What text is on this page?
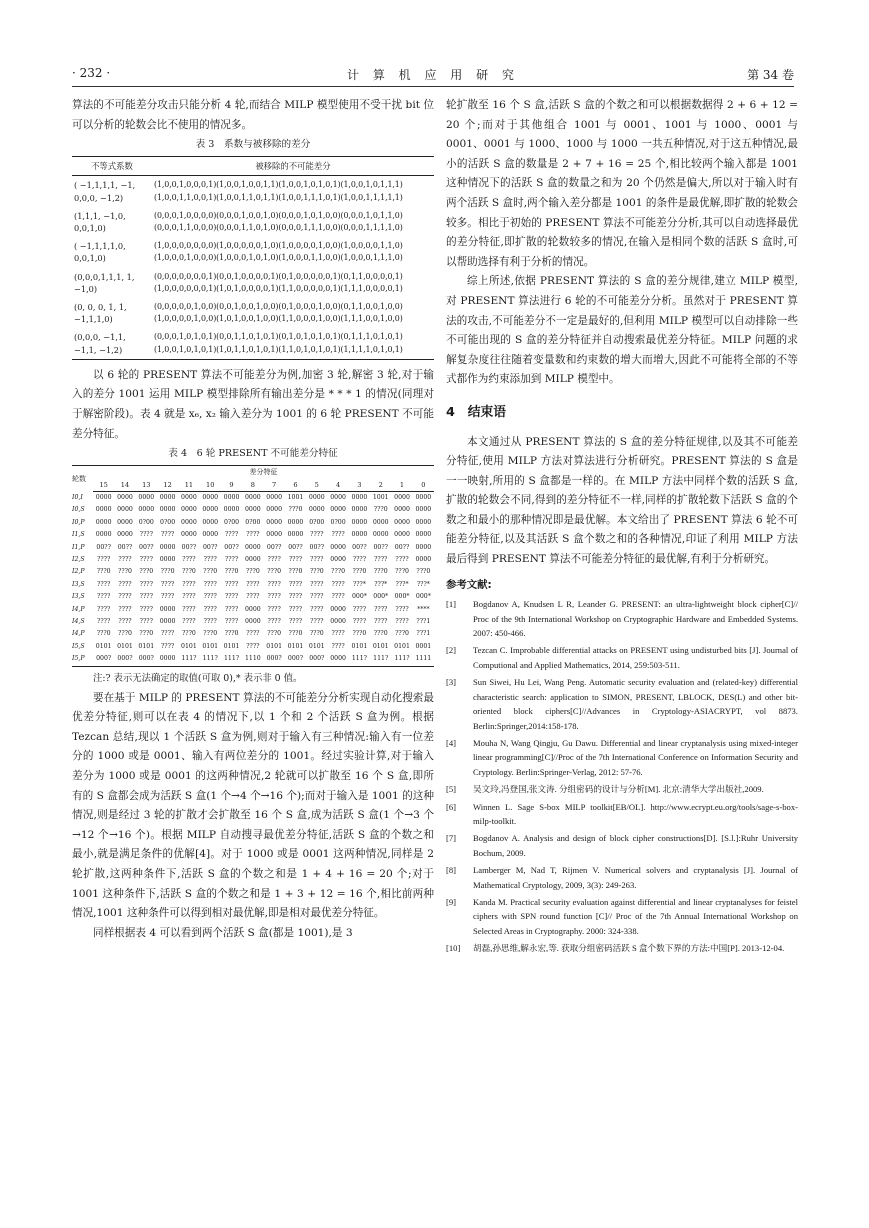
· 232 ·	计 算 机 应 用 研 究	第 34 卷

算法的不可能差分攻击只能分析 4 轮,而结合 MILP 模型使用不受干扰 bit 位可以分析的轮数会比不使用的情况多。

表 3　系数与被移除的差分
不等式系数	被移除的不可能差分
( −1,1,1,1, −1, 0,0,0, −1,2)	(1,0,0,1,0,0,0,1)(1,0,0,1,0,0,1,1)(1,0,0,1,0,1,0,1)(1,0,0,1,0,1,1,1)(1,0,0,1,1,0,0,1)(1,0,0,1,1,0,1,1)(1,0,0,1,1,1,0,1)(1,0,0,1,1,1,1,1)
(1,1,1, −1,0, 0,0,1,0)	(0,0,0,1,0,0,0,0)(0,0,0,1,0,0,1,0)(0,0,0,1,0,1,0,0)(0,0,0,1,0,1,1,0)(0,0,0,1,1,0,0,0)(0,0,0,1,1,0,1,0)(0,0,0,1,1,1,0,0)(0,0,0,1,1,1,1,0)
( −1,1,1,1,0, 0,0,1,0)	(1,0,0,0,0,0,0,0)(1,0,0,0,0,0,1,0)(1,0,0,0,0,1,0,0)(1,0,0,0,0,1,1,0)(1,0,0,0,1,0,0,0)(1,0,0,0,1,0,1,0)(1,0,0,0,1,1,0,0)(1,0,0,0,1,1,1,0)
(0,0,0,1,1,1, 1, −1,0)	(0,0,0,0,0,0,0,1)(0,0,1,0,0,0,0,1)(0,1,0,0,0,0,0,1)(0,1,1,0,0,0,0,1)(1,0,0,0,0,0,0,1)(1,0,1,0,0,0,0,1)(1,1,0,0,0,0,0,1)(1,1,1,0,0,0,0,1)
(0, 0, 0, 1, 1, −1,1,1,0)	(0,0,0,0,0,1,0,0)(0,0,1,0,0,1,0,0)(0,1,0,0,0,1,0,0)(0,1,1,0,0,1,0,0)(1,0,0,0,0,1,0,0)(1,0,1,0,0,1,0,0)(1,1,0,0,0,1,0,0)(1,1,1,0,0,1,0,0)
(0,0,0, −1,1, −1,1, −1,2)	(0,0,0,1,0,1,0,1)(0,0,1,1,0,1,0,1)(0,1,0,1,0,1,0,1)(0,1,1,1,0,1,0,1)(1,0,0,1,0,1,0,1)(1,0,1,1,0,1,0,1)(1,1,0,1,0,1,0,1)(1,1,1,1,0,1,0,1)

以 6 轮的 PRESENT 算法不可能差分为例,加密 3 轮,解密 3 轮,对于输入的差分 1001 运用 MILP 模型排除所有输出差分是 * * * 1 的情况(同理对于解密阶段)。表 4 就是 x₆, x₂ 输入差分为 1001 的 6 轮 PRESENT 不可能差分特征。

表 4　6 轮 PRESENT 不可能差分特征
轮数	差分特征															
	15	14	13	12	11	10	9	8	7	6	5	4	3	2	1	0
I0,I	0000	0000	0000	0000	0000	0000	0000	0000	0000	1001	0000	0000	0000	1001	0000	0000
I0,S	0000	0000	0000	0000	0000	0000	0000	0000	0000	???0	0000	0000	0000	???0	0000	0000
I0,P	0000	0000	0?00	0?00	0000	0000	0?00	0?00	0000	0000	0?00	0?00	0000	0000	0000	0000
I1,S	0000	0000	????	????	0000	0000	????	????	0000	0000	????	????	0000	0000	0000	0000
I1,P	00??	00??	00??	0000	00??	00??	00??	0000	00??	00??	00??	0000	00??	00??	00??	0000
I2,S	????	????	????	0000	????	????	????	0000	????	????	????	0000	????	????	????	0000
I2,P	???0	???0	???0	???0	???0	???0	???0	???0	???0	???0	???0	???0	???0	???0	???0	???0
I3,S	????	????	????	????	????	????	????	????	????	????	????	????	???*	???*	???*	???*
I3,S	????	????	????	????	????	????	????	????	????	????	????	????	000*	000*	000*	000*
I4,P	????	????	????	0000	????	????	????	0000	????	????	????	0000	????	????	????	****
I4,S	????	????	????	0000	????	????	????	0000	????	????	????	0000	????	????	????	???1
I4,P	???0	???0	???0	????	???0	???0	???0	????	???0	???0	???0	????	???0	???0	???0	???1
I5,S	0101	0101	0101	????	0101	0101	0101	????	0101	0101	0101	????	0101	0101	0101	0001
I5,P	000?	000?	000?	0000	111?	111?	111?	1110	000?	000?	000?	0000	111?	111?	111?	1111
注:? 表示无法确定的取值(可取 0),* 表示非 0 值。

要在基于 MILP 的 PRESENT 算法的不可能差分分析实现自动化搜索最优差分特征,则可以在表 4 的情况下,以 1 个和 2 个活跃 S 盒为例。根据 Tezcan 总结,现以 1 个活跃 S 盒为例,则对于输入有三种情况:输入有一位差分的 1000 或是 0001、输入有两位差分的 1001。经过实验计算,对于输入差分为 1000 或是 0001 的这两种情况,2 轮就可以扩散至 16 个 S 盒,即所有的 S 盒都会成为活跃 S 盒(1 个→4 个→16 个);而对于输入是 1001 的这种情况,则是经过 3 轮的扩散才会扩散至 16 个 S 盒,成为活跃 S 盒(1 个→3 个→12 个→16 个)。根据 MILP 自动搜寻最优差分特征,活跃 S 盒的个数之和最小,就是满足条件的优解[4]。对于 1000 或是 0001 这两种情况,同样是 2 轮扩散,这两种条件下,活跃 S 盒的个数之和是 1 + 4 + 16 = 20 个;对于 1001 这种条件下,活跃 S 盒的个数之和是 1 + 3 + 12 = 16 个,相比前两种情况,1001 这种条件可以得到相对最优解,即是相对最优差分特征。

同样根据表 4 可以看到两个活跃 S 盒(都是 1001),是 3

轮扩散至 16 个 S 盒,活跃 S 盒的个数之和可以根据数据得 2 + 6 + 12 = 20 个;而对于其他组合 1001 与 0001、1001 与 1000、0001 与 0001、0001 与 1000、1000 与 1000 一共五种情况,对于这五种情况,最小的活跃 S 盒的数量是 2 + 7 + 16 = 25 个,相比较两个输入都是 1001 这种情况下的活跃 S 盒的数量之和为 20 个仍然是偏大,所以对于输入时有两个活跃 S 盒时,两个输入差分都是 1001 的条件是最优解,即扩散的轮数会较多。相比于初始的 PRESENT 算法不可能差分分析,其可以自动选择最优的差分特征,即扩散的轮数较多的情况,在输入是相同个数的活跃 S 盒时,可以帮助选择有利于分析的情况。

综上所述,依据 PRESENT 算法的 S 盒的差分规律,建立 MILP 模型,对 PRESENT 算法进行 6 轮的不可能差分分析。虽然对于 PRESENT 算法的攻击,不可能差分不一定是最好的,但利用 MILP 模型可以自动排除一些不可能出现的 S 盒的差分特征并自动搜索最优差分特征。MILP 问题的求解复杂度往往随着变量数和约束数的增大而增大,因此不可能将全部的不等式都作为约束添加到 MILP 模型中。

4　结束语

本文通过从 PRESENT 算法的 S 盒的差分特征规律,以及其不可能差分特征,使用 MILP 方法对算法进行分析研究。PRESENT 算法的 S 盒是一一映射,所用的 S 盒都是一样的。在 MILP 方法中同样个数的活跃 S 盒,扩散的轮数会不同,得到的差分特征不一样,同样的扩散轮数下活跃 S 盒的个数之和最小的那种情况即是最优解。本文给出了 PRESENT 算法 6 轮不可能差分特征,以及其活跃 S 盒个数之和的各种情况,印证了利用 MILP 方法最后得到 PRESENT 算法不可能差分特征的最优解,有利于分析研究。

参考文献:
[1] Bogdanov A, Knudsen L R, Leander G. PRESENT: an ultra-lightweight block cipher[C]// Proc of the 9th International Workshop on Cryptographic Hardware and Embedded Systems. 2007: 450-466.
[2] Tezcan C. Improbable differential attacks on PRESENT using undisturbed bits [J]. Journal of Computional and Applied Mathematics, 2014, 259:503-511.
[3] Sun Siwei, Hu Lei, Wang Peng. Automatic security evaluation and (related-key) differential characteristic search: application to SIMON, PRESENT, LBLOCK, DES(L) and other bit-oriented block ciphers[C]//Advances in Cryptology-ASIACRYPT, vol 8873. Berlin:Springer,2014:158-178.
[4] Mouha N, Wang Qingju, Gu Dawu. Differential and linear cryptanalysis using mixed-integer linear programming[C]//Proc of the 7th International Conference on Information Security and Cryptology. Berlin:Springer-Verlag, 2012: 57-76.
[5] 吴文玲,冯登国,张文涛. 分组密码的设计与分析[M]. 北京:清华大学出版社,2009.
[6] Winnen L. Sage S-box MILP toolkit[EB/OL]. http://www.ecrypt.eu.org/tools/sage-s-box-milp-toolkit.
[7] Bogdanov A. Analysis and design of block cipher constructions[D]. [S.l.]:Ruhr University Bochum, 2009.
[8] Lamberger M, Nad T, Rijmen V. Numerical solvers and cryptanalysis [J]. Journal of Mathematical Cryptology, 2009, 3(3): 249-263.
[9] Kanda M. Practical security evaluation against differential and linear cryptanalyses for feistel ciphers with SPN round function [C]// Proc of the 7th Annual International Workshop on Selected Areas in Cryptography. 2000: 324-338.
[10] 胡磊,孙思维,解永宏,等. 获取分组密码活跃 S 盒个数下界的方法:中国[P]. 2013-12-04.
